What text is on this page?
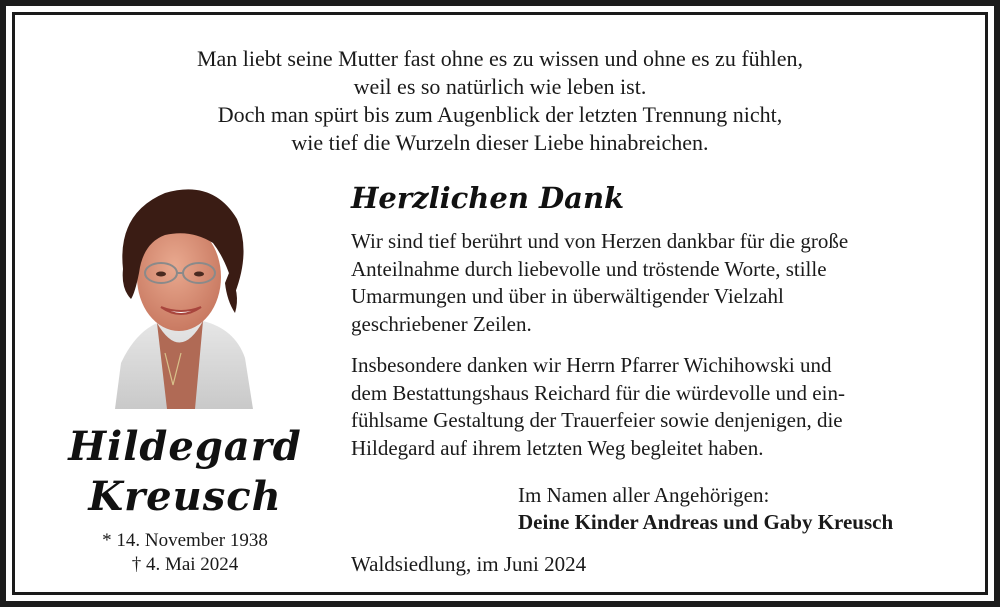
Man liebt seine Mutter fast ohne es zu wissen und ohne es zu fühlen,
weil es so natürlich wie leben ist.
Doch man spürt bis zum Augenblick der letzten Trennung nicht,
wie tief die Wurzeln dieser Liebe hinabreichen.
Hildegard
Kreusch
* 14. November 1938
† 4. Mai 2024
Herzlichen Dank
Wir sind tief berührt und von Herzen dankbar für die große
Anteilnahme durch liebevolle und tröstende Worte, stille
Umarmungen und über in überwältigender Vielzahl
geschriebener Zeilen.
Insbesondere danken wir Herrn Pfarrer Wichihowski und
dem Bestattungshaus Reichard für die würdevolle und ein-
fühlsame Gestaltung der Trauerfeier sowie denjenigen, die
Hildegard auf ihrem letzten Weg begleitet haben.
Im Namen aller Angehörigen:
Deine Kinder Andreas und Gaby Kreusch
Waldsiedlung, im Juni 2024
